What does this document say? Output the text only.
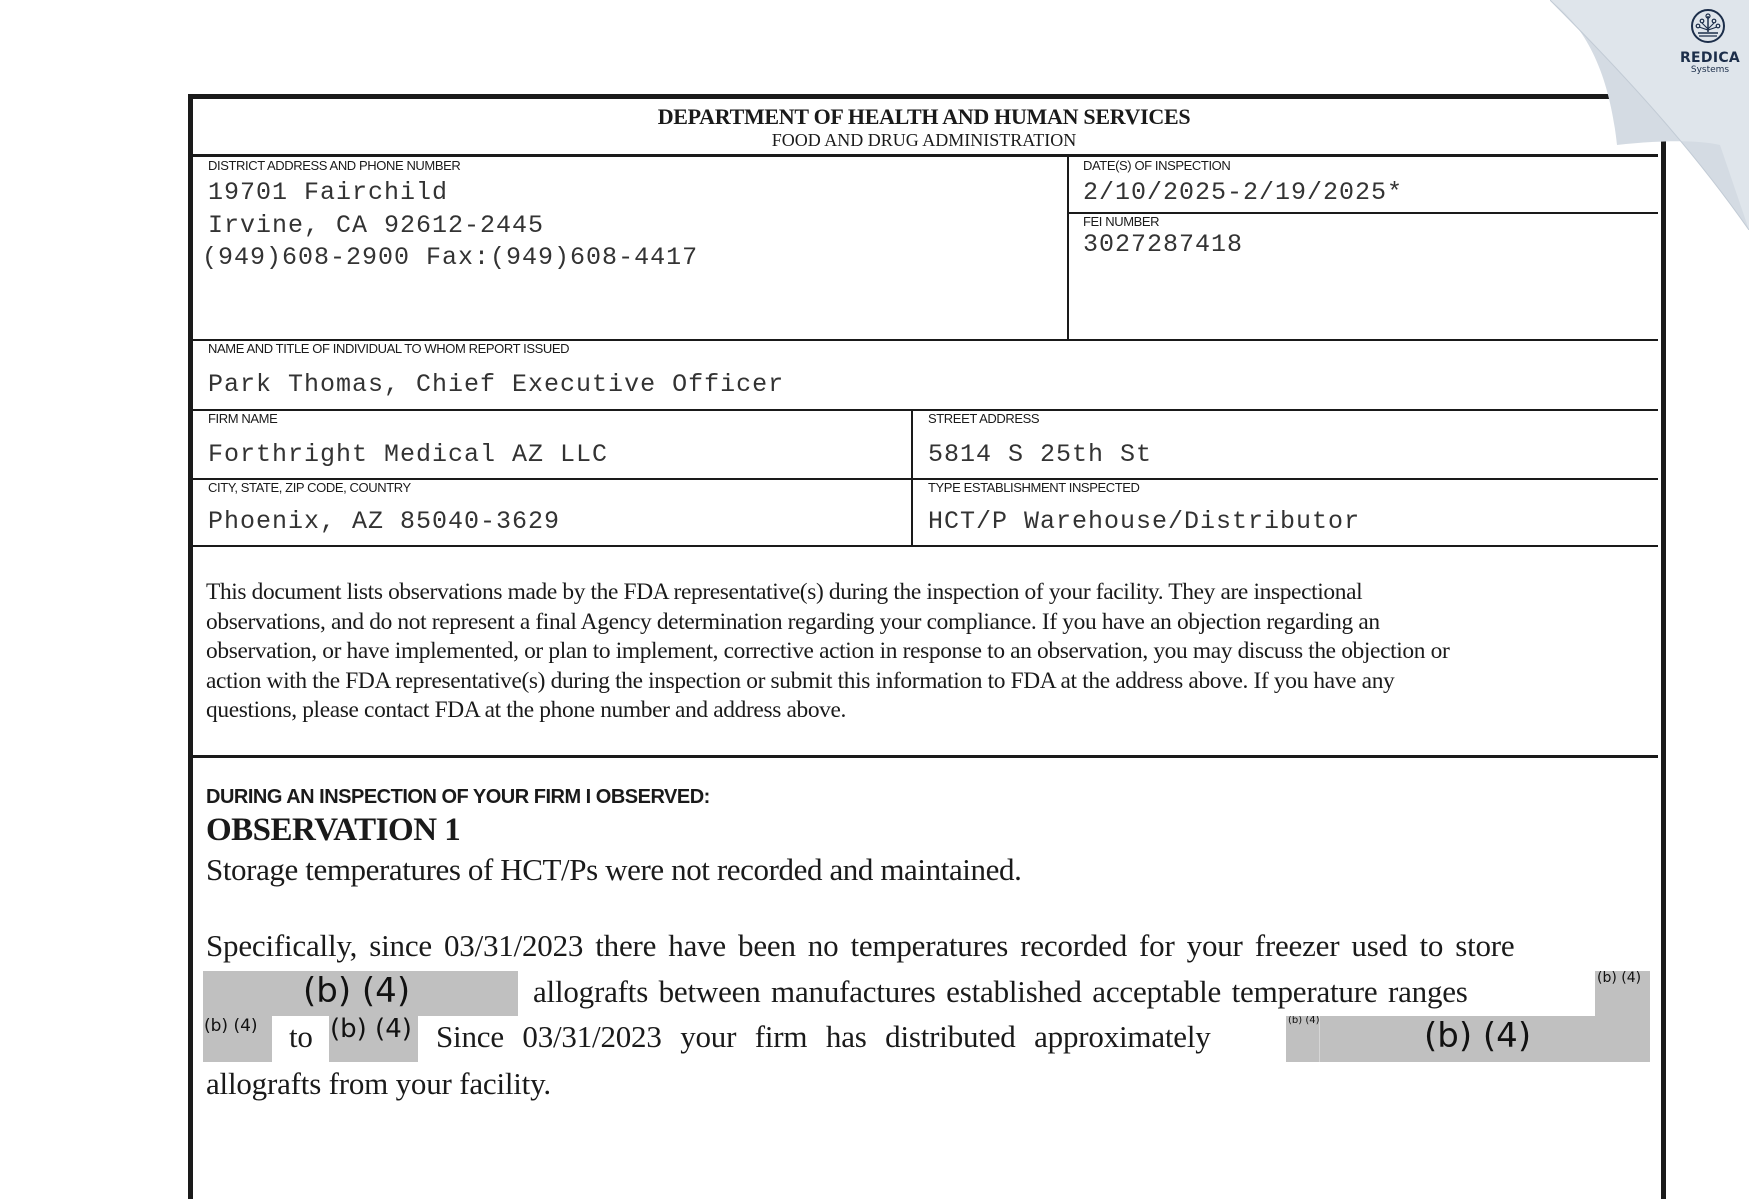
DEPARTMENT OF HEALTH AND HUMAN SERVICES
FOOD AND DRUG ADMINISTRATION
DISTRICT ADDRESS AND PHONE NUMBER
19701 Fairchild
Irvine, CA 92612-2445
(949)608-2900 Fax:(949)608-4417
DATE(S) OF INSPECTION
2/10/2025-2/19/2025*
FEI NUMBER
3027287418
NAME AND TITLE OF INDIVIDUAL TO WHOM REPORT ISSUED
Park Thomas, Chief Executive Officer
FIRM NAME
Forthright Medical AZ LLC
STREET ADDRESS
5814 S 25th St
CITY, STATE, ZIP CODE, COUNTRY
Phoenix, AZ 85040-3629
TYPE ESTABLISHMENT INSPECTED
HCT/P Warehouse/Distributor
This document lists observations made by the FDA representative(s) during the inspection of your facility. They are inspectional
observations, and do not represent a final Agency determination regarding your compliance. If you have an objection regarding an
observation, or have implemented, or plan to implement, corrective action in response to an observation, you may discuss the objection or
action with the FDA representative(s) during the inspection or submit this information to FDA at the address above. If you have any
questions, please contact FDA at the phone number and address above.
DURING AN INSPECTION OF YOUR FIRM I OBSERVED:
OBSERVATION 1
Storage temperatures of HCT/Ps were not recorded and maintained.
Specifically, since 03/31/2023 there have been no temperatures recorded for your freezer used to store
(b) (4)	allografts between manufactures established acceptable temperature ranges	(b) (4)
(b) (4) to (b) (4) Since 03/31/2023 your firm has distributed approximately	(b) (4)	(b) (4)
allografts from your facility.
REDICA
Systems
